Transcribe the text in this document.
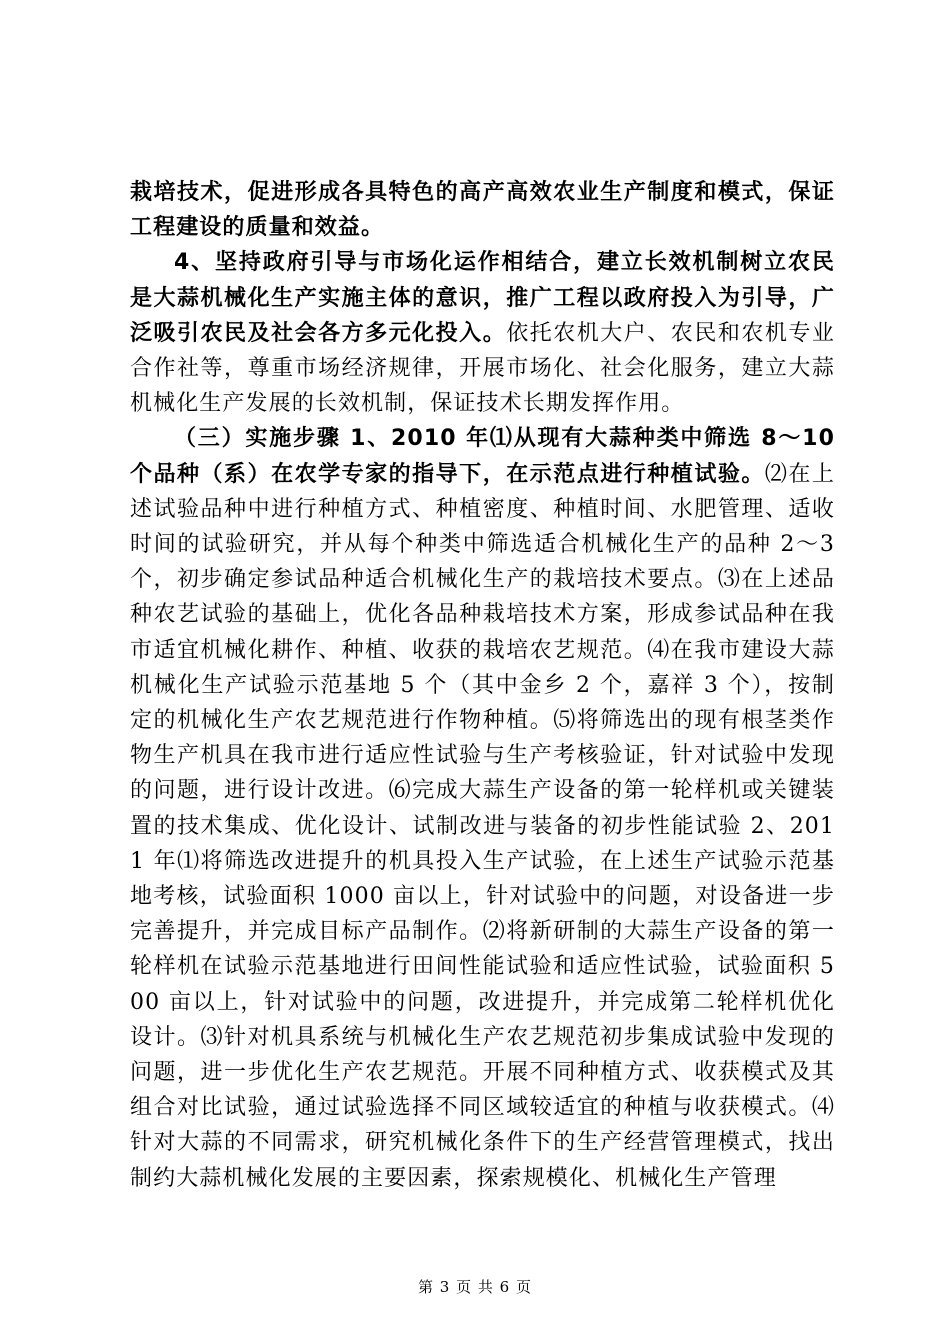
栽培技术，促进形成各具特色的高产高效农业生产制度和模式，保证工程建设的质量和效益。

4、坚持政府引导与市场化运作相结合，建立长效机制树立农民是大蒜机械化生产实施主体的意识，推广工程以政府投入为引导，广泛吸引农民及社会各方多元化投入。依托农机大户、农民和农机专业合作社等，尊重市场经济规律，开展市场化、社会化服务，建立大蒜机械化生产发展的长效机制，保证技术长期发挥作用。

（三）实施步骤 1、2010 年⑴从现有大蒜种类中筛选 8～10 个品种（系）在农学专家的指导下，在示范点进行种植试验。⑵在上述试验品种中进行种植方式、种植密度、种植时间、水肥管理、适收时间的试验研究，并从每个种类中筛选适合机械化生产的品种 2～3 个，初步确定参试品种适合机械化生产的栽培技术要点。⑶在上述品种农艺试验的基础上，优化各品种栽培技术方案，形成参试品种在我市适宜机械化耕作、种植、收获的栽培农艺规范。⑷在我市建设大蒜机械化生产试验示范基地 5 个（其中金乡 2 个，嘉祥 3 个），按制定的机械化生产农艺规范进行作物种植。⑸将筛选出的现有根茎类作物生产机具在我市进行适应性试验与生产考核验证，针对试验中发现的问题，进行设计改进。⑹完成大蒜生产设备的第一轮样机或关键装置的技术集成、优化设计、试制改进与装备的初步性能试验 2、2011 年⑴将筛选改进提升的机具投入生产试验，在上述生产试验示范基地考核，试验面积 1000 亩以上，针对试验中的问题，对设备进一步完善提升，并完成目标产品制作。⑵将新研制的大蒜生产设备的第一轮样机在试验示范基地进行田间性能试验和适应性试验，试验面积 500 亩以上，针对试验中的问题，改进提升，并完成第二轮样机优化设计。⑶针对机具系统与机械化生产农艺规范初步集成试验中发现的问题，进一步优化生产农艺规范。开展不同种植方式、收获模式及其组合对比试验，通过试验选择不同区域较适宜的种植与收获模式。⑷针对大蒜的不同需求，研究机械化条件下的生产经营管理模式，找出制约大蒜机械化发展的主要因素，探索规模化、机械化生产管理

第 3 页 共 6 页
